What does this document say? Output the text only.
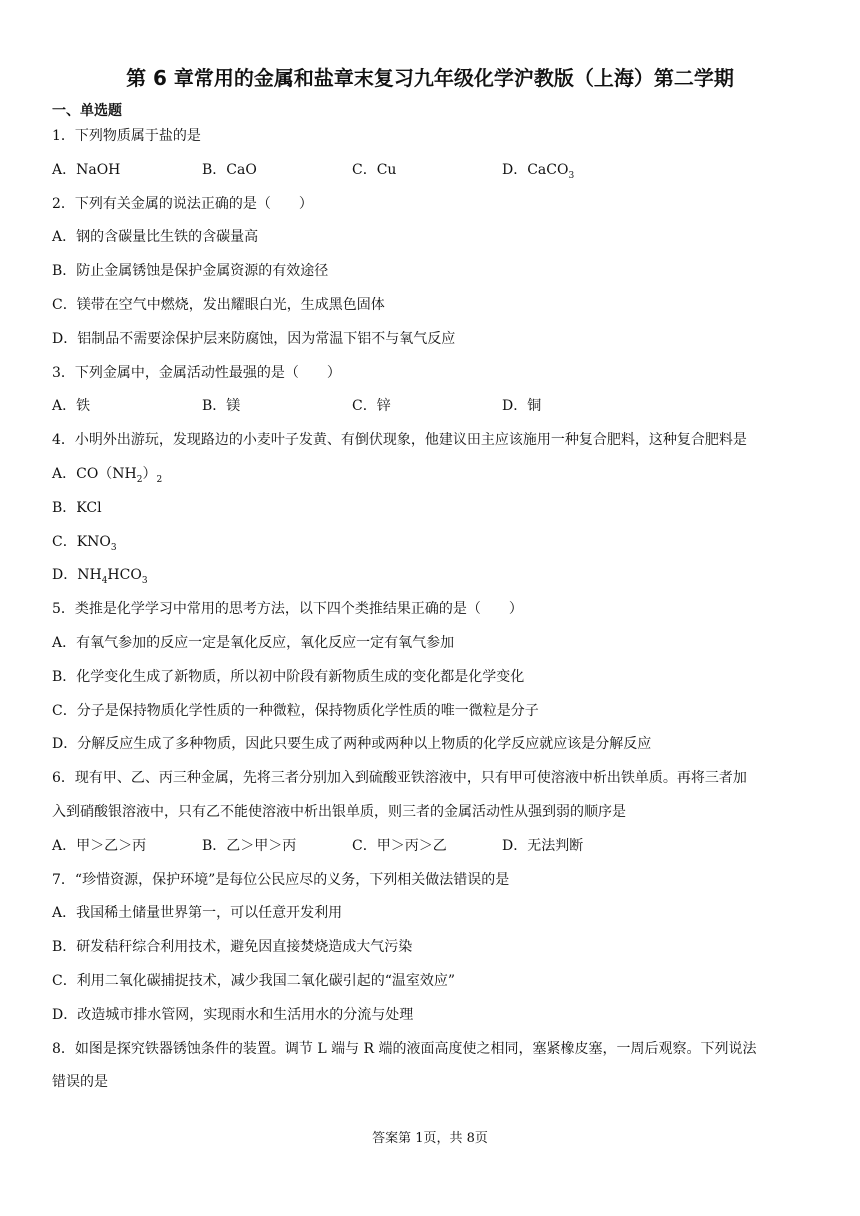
第 6 章常用的金属和盐章末复习九年级化学沪教版（上海）第二学期
一、单选题
1．下列物质属于盐的是
A．NaOH	B．CaO	C．Cu	D．CaCO$_3$
2．下列有关金属的说法正确的是（　　）
A．钢的含碳量比生铁的含碳量高
B．防止金属锈蚀是保护金属资源的有效途径
C．镁带在空气中燃烧，发出耀眼白光，生成黑色固体
D．铝制品不需要涂保护层来防腐蚀，因为常温下铝不与氧气反应
3．下列金属中，金属活动性最强的是（　　）
A．铁	B．镁	C．锌	D．铜
4．小明外出游玩，发现路边的小麦叶子发黄、有倒伏现象，他建议田主应该施用一种复合肥料，这种复合肥料是
A．$CO(NH_2)_2$
B．KCl
C．$KNO_3$
D．$NH_4HCO_3$
5．类推是化学学习中常用的思考方法，以下四个类推结果正确的是（　　）
A．有氧气参加的反应一定是氧化反应，氧化反应一定有氧气参加
B．化学变化生成了新物质，所以初中阶段有新物质生成的变化都是化学变化
C．分子是保持物质化学性质的一种微粒，保持物质化学性质的唯一微粒是分子
D．分解反应生成了多种物质，因此只要生成了两种或两种以上物质的化学反应就应该是分解反应
6．现有甲、乙、丙三种金属，先将三者分别加入到硫酸亚铁溶液中，只有甲可使溶液中析出铁单质。再将三者加
入到硝酸银溶液中，只有乙不能使溶液中析出银单质，则三者的金属活动性从强到弱的顺序是
A．甲＞乙＞丙	B．乙＞甲＞丙	C．甲＞丙＞乙	D．无法判断
7．“珍惜资源，保护环境”是每位公民应尽的义务，下列相关做法错误的是
A．我国稀土储量世界第一，可以任意开发利用
B．研发秸秆综合利用技术，避免因直接焚烧造成大气污染
C．利用二氧化碳捕捉技术，减少我国二氧化碳引起的“温室效应”
D．改造城市排水管网，实现雨水和生活用水的分流与处理
8．如图是探究铁器锈蚀条件的装置。调节 L 端与 R 端的液面高度使之相同，塞紧橡皮塞，一周后观察。下列说法
错误的是
答案第 1页，共 8页
